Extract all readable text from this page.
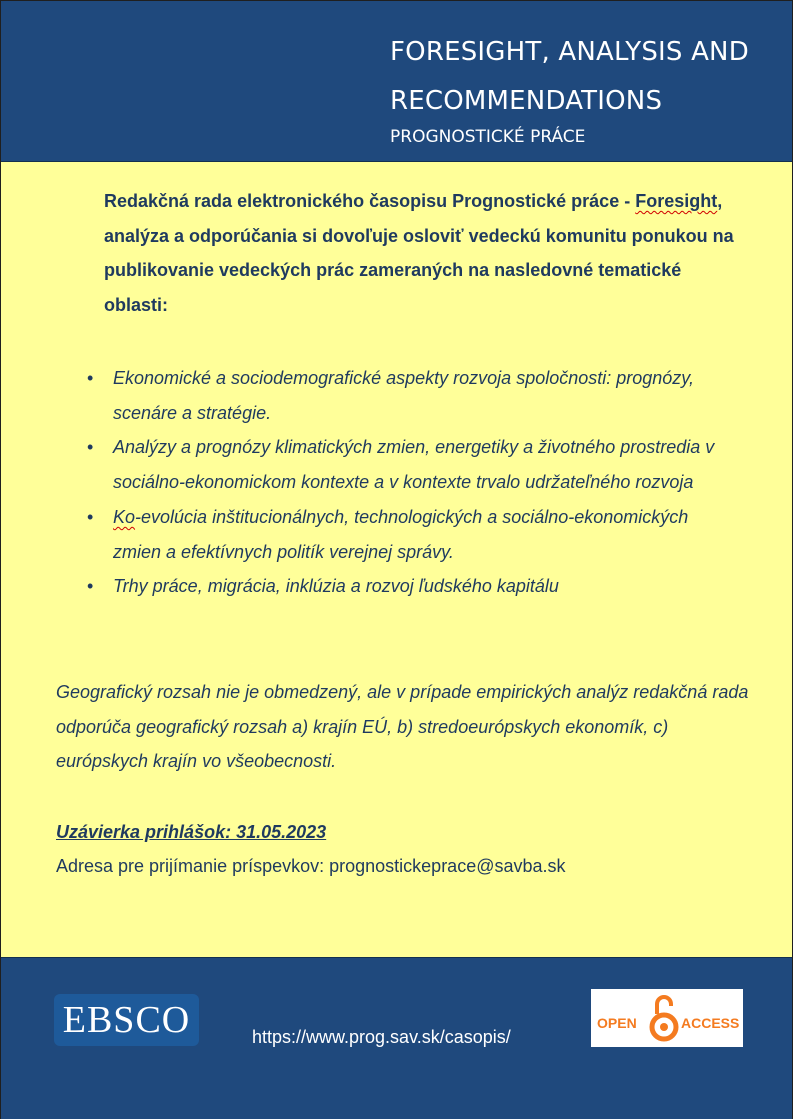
FORESIGHT, ANALYSIS AND
RECOMMENDATIONS
PROGNOSTICKÉ PRÁCE
Redakčná rada elektronického časopisu Prognostické práce - Foresight, analýza a odporúčania si dovoľuje osloviť vedeckú komunitu ponukou na publikovanie vedeckých prác zameraných na nasledovné tematické oblasti:
• Ekonomické a sociodemografické aspekty rozvoja spoločnosti: prognózy, scenáre a stratégie.
• Analýzy a prognózy klimatických zmien, energetiky a životného prostredia v sociálno-ekonomickom kontexte a v kontexte trvalo udržateľného rozvoja
• Ko-evolúcia inštitucionálnych, technologických a sociálno-ekonomických zmien a efektívnych politík verejnej správy.
• Trhy práce, migrácia, inklúzia a rozvoj ľudského kapitálu
Geografický rozsah nie je obmedzený, ale v prípade empirických analýz redakčná rada odporúča geografický rozsah a) krajín EÚ, b) stredoeurópskych ekonomík, c) európskych krajín vo všeobecnosti.
Uzávierka prihlášok: 31.05.2023
Adresa pre prijímanie príspevkov: prognostickeprace@savba.sk
EBSCO	https://www.prog.sav.sk/casopis/
OPEN	ACCESS
